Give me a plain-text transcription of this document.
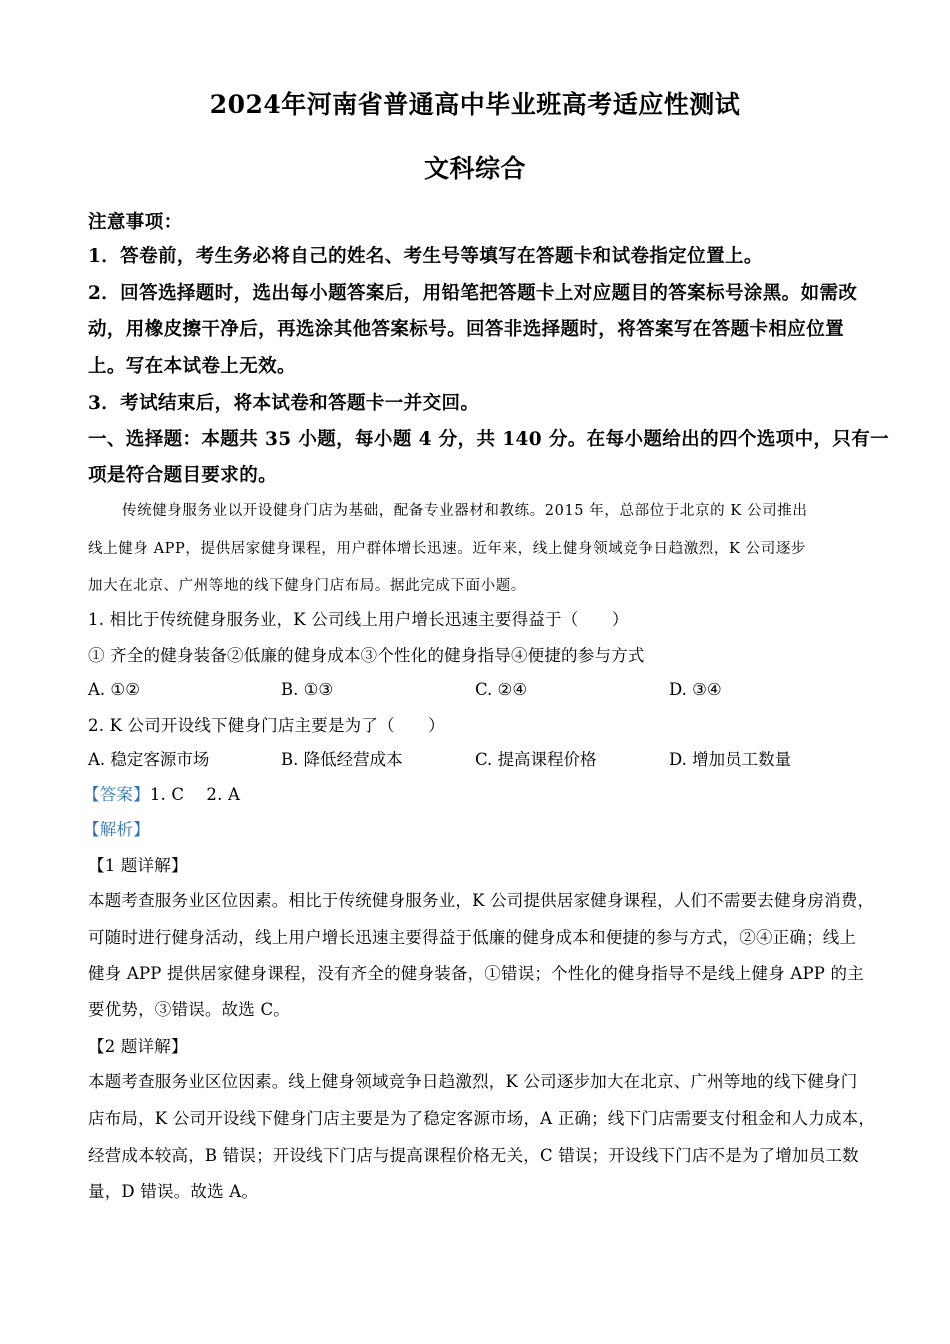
2024年河南省普通高中毕业班高考适应性测试
文科综合
注意事项：
1．答卷前，考生务必将自己的姓名、考生号等填写在答题卡和试卷指定位置上。
2．回答选择题时，选出每小题答案后，用铅笔把答题卡上对应题目的答案标号涂黑。如需改
动，用橡皮擦干净后，再选涂其他答案标号。回答非选择题时，将答案写在答题卡相应位置
上。写在本试卷上无效。
3．考试结束后，将本试卷和答题卡一并交回。
一、选择题：本题共 35 小题，每小题 4 分，共 140 分。在每小题给出的四个选项中，只有一
项是符合题目要求的。
传统健身服务业以开设健身门店为基础，配备专业器材和教练。2015 年，总部位于北京的 K 公司推出
线上健身 APP，提供居家健身课程，用户群体增长迅速。近年来，线上健身领域竞争日趋激烈，K 公司逐步
加大在北京、广州等地的线下健身门店布局。据此完成下面小题。
1. 相比于传统健身服务业，K 公司线上用户增长迅速主要得益于（　　）
① 齐全的健身装备②低廉的健身成本③个性化的健身指导④便捷的参与方式
A. ①②	B. ①③	C. ②④	D. ③④
2. K 公司开设线下健身门店主要是为了（　　）
A. 稳定客源市场	B. 降低经营成本	C. 提高课程价格	D. 增加员工数量
【答案】1. C　 2. A
【解析】
【1 题详解】
本题考查服务业区位因素。相比于传统健身服务业，K 公司提供居家健身课程，人们不需要去健身房消费，
可随时进行健身活动，线上用户增长迅速主要得益于低廉的健身成本和便捷的参与方式，②④正确；线上
健身 APP 提供居家健身课程，没有齐全的健身装备，①错误；个性化的健身指导不是线上健身 APP 的主
要优势，③错误。故选 C。
【2 题详解】
本题考查服务业区位因素。线上健身领域竞争日趋激烈，K 公司逐步加大在北京、广州等地的线下健身门
店布局，K 公司开设线下健身门店主要是为了稳定客源市场，A 正确；线下门店需要支付租金和人力成本，
经营成本较高，B 错误；开设线下门店与提高课程价格无关，C 错误；开设线下门店不是为了增加员工数
量，D 错误。故选 A。
